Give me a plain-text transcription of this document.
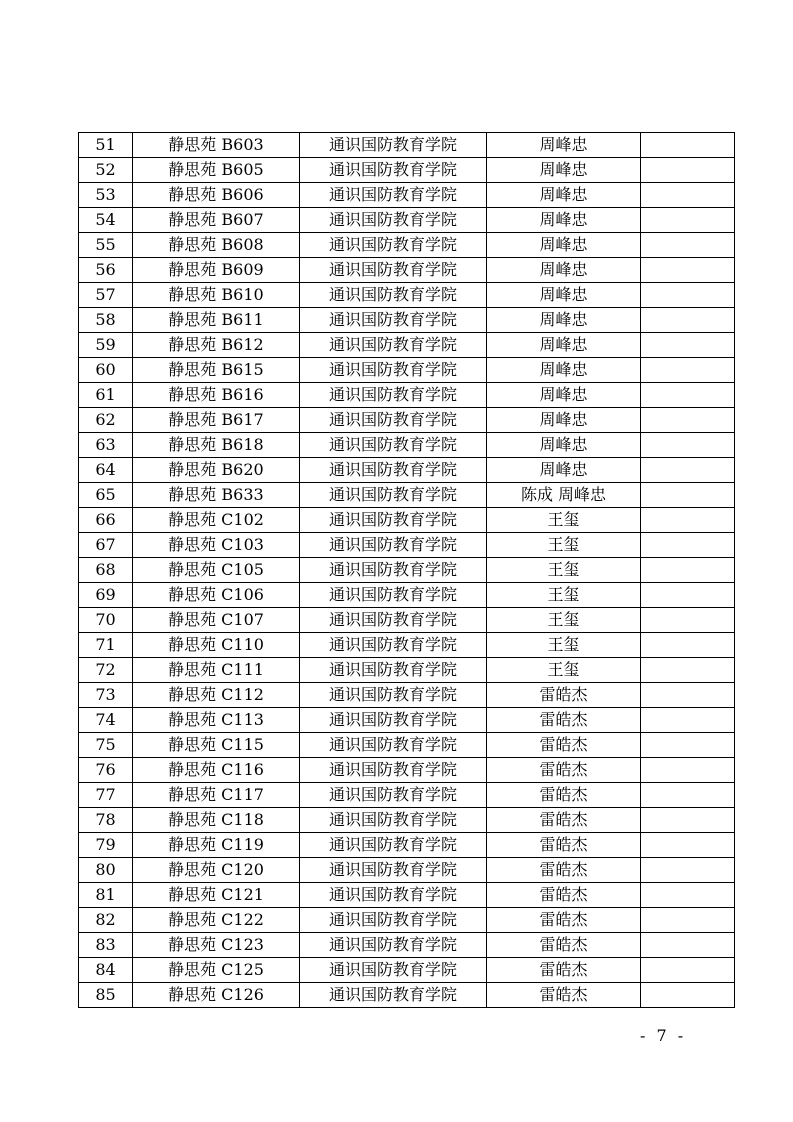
51	静思苑 B603	通识国防教育学院	周峰忠	
52	静思苑 B605	通识国防教育学院	周峰忠	
53	静思苑 B606	通识国防教育学院	周峰忠	
54	静思苑 B607	通识国防教育学院	周峰忠	
55	静思苑 B608	通识国防教育学院	周峰忠	
56	静思苑 B609	通识国防教育学院	周峰忠	
57	静思苑 B610	通识国防教育学院	周峰忠	
58	静思苑 B611	通识国防教育学院	周峰忠	
59	静思苑 B612	通识国防教育学院	周峰忠	
60	静思苑 B615	通识国防教育学院	周峰忠	
61	静思苑 B616	通识国防教育学院	周峰忠	
62	静思苑 B617	通识国防教育学院	周峰忠	
63	静思苑 B618	通识国防教育学院	周峰忠	
64	静思苑 B620	通识国防教育学院	周峰忠	
65	静思苑 B633	通识国防教育学院	陈成 周峰忠	
66	静思苑 C102	通识国防教育学院	王玺	
67	静思苑 C103	通识国防教育学院	王玺	
68	静思苑 C105	通识国防教育学院	王玺	
69	静思苑 C106	通识国防教育学院	王玺	
70	静思苑 C107	通识国防教育学院	王玺	
71	静思苑 C110	通识国防教育学院	王玺	
72	静思苑 C111	通识国防教育学院	王玺	
73	静思苑 C112	通识国防教育学院	雷皓杰	
74	静思苑 C113	通识国防教育学院	雷皓杰	
75	静思苑 C115	通识国防教育学院	雷皓杰	
76	静思苑 C116	通识国防教育学院	雷皓杰	
77	静思苑 C117	通识国防教育学院	雷皓杰	
78	静思苑 C118	通识国防教育学院	雷皓杰	
79	静思苑 C119	通识国防教育学院	雷皓杰	
80	静思苑 C120	通识国防教育学院	雷皓杰	
81	静思苑 C121	通识国防教育学院	雷皓杰	
82	静思苑 C122	通识国防教育学院	雷皓杰	
83	静思苑 C123	通识国防教育学院	雷皓杰	
84	静思苑 C125	通识国防教育学院	雷皓杰	
85	静思苑 C126	通识国防教育学院	雷皓杰	
- 7 -
